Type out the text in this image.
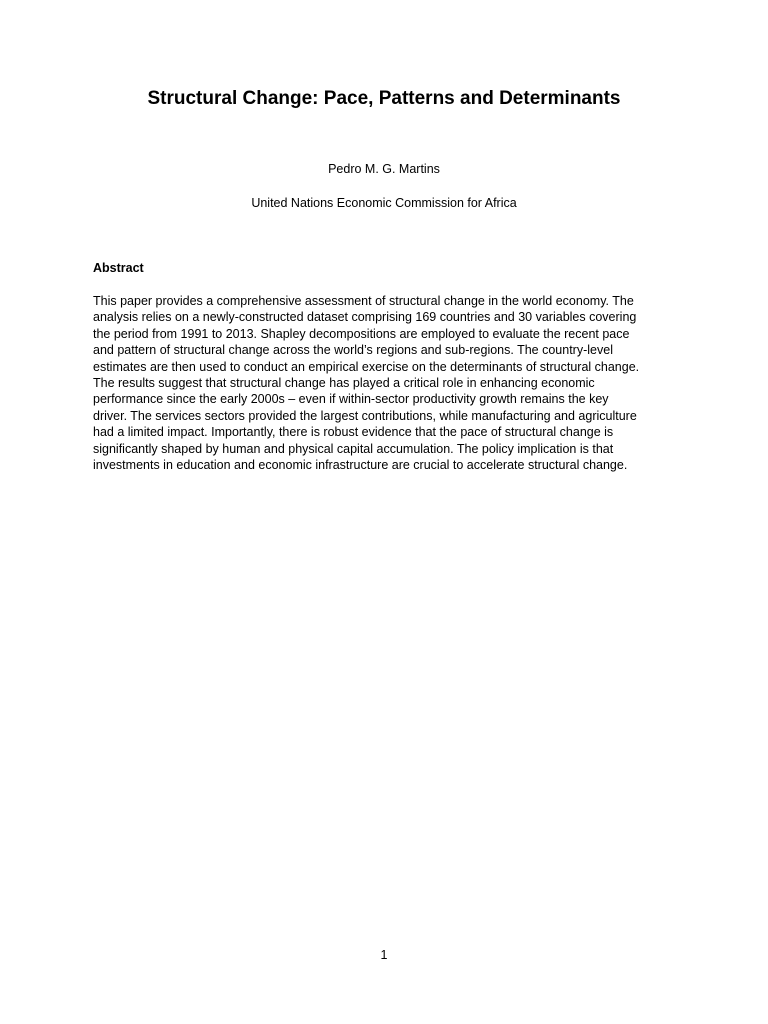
Structural Change: Pace, Patterns and Determinants
Pedro M. G. Martins
United Nations Economic Commission for Africa
Abstract
This paper provides a comprehensive assessment of structural change in the world economy. The
analysis relies on a newly-constructed dataset comprising 169 countries and 30 variables covering
the period from 1991 to 2013. Shapley decompositions are employed to evaluate the recent pace
and pattern of structural change across the world’s regions and sub-regions. The country-level
estimates are then used to conduct an empirical exercise on the determinants of structural change.
The results suggest that structural change has played a critical role in enhancing economic
performance since the early 2000s – even if within-sector productivity growth remains the key
driver. The services sectors provided the largest contributions, while manufacturing and agriculture
had a limited impact. Importantly, there is robust evidence that the pace of structural change is
significantly shaped by human and physical capital accumulation. The policy implication is that
investments in education and economic infrastructure are crucial to accelerate structural change.
1
